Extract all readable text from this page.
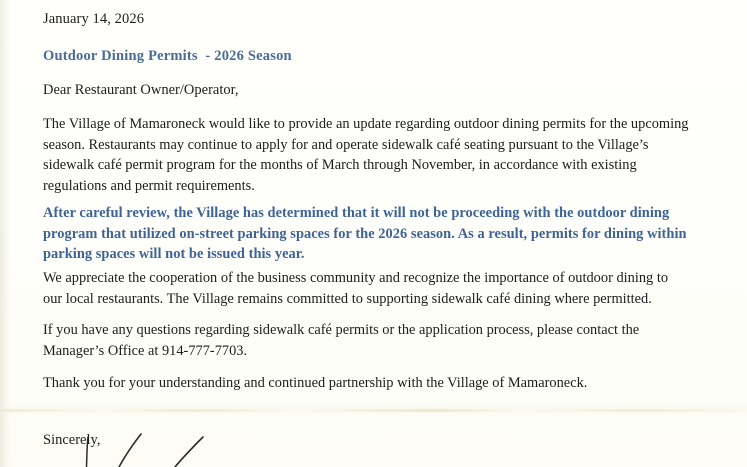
January 14, 2026
Outdoor Dining Permits  - 2026 Season
Dear Restaurant Owner/Operator,
The Village of Mamaroneck would like to provide an update regarding outdoor dining permits for the upcoming
season. Restaurants may continue to apply for and operate sidewalk café seating pursuant to the Village’s
sidewalk café permit program for the months of March through November, in accordance with existing
regulations and permit requirements.
After careful review, the Village has determined that it will not be proceeding with the outdoor dining
program that utilized on-street parking spaces for the 2026 season. As a result, permits for dining within
parking spaces will not be issued this year.
We appreciate the cooperation of the business community and recognize the importance of outdoor dining to
our local restaurants. The Village remains committed to supporting sidewalk café dining where permitted.
If you have any questions regarding sidewalk café permits or the application process, please contact the
Manager’s Office at 914-777-7703.
Thank you for your understanding and continued partnership with the Village of Mamaroneck.
Sincerely,
